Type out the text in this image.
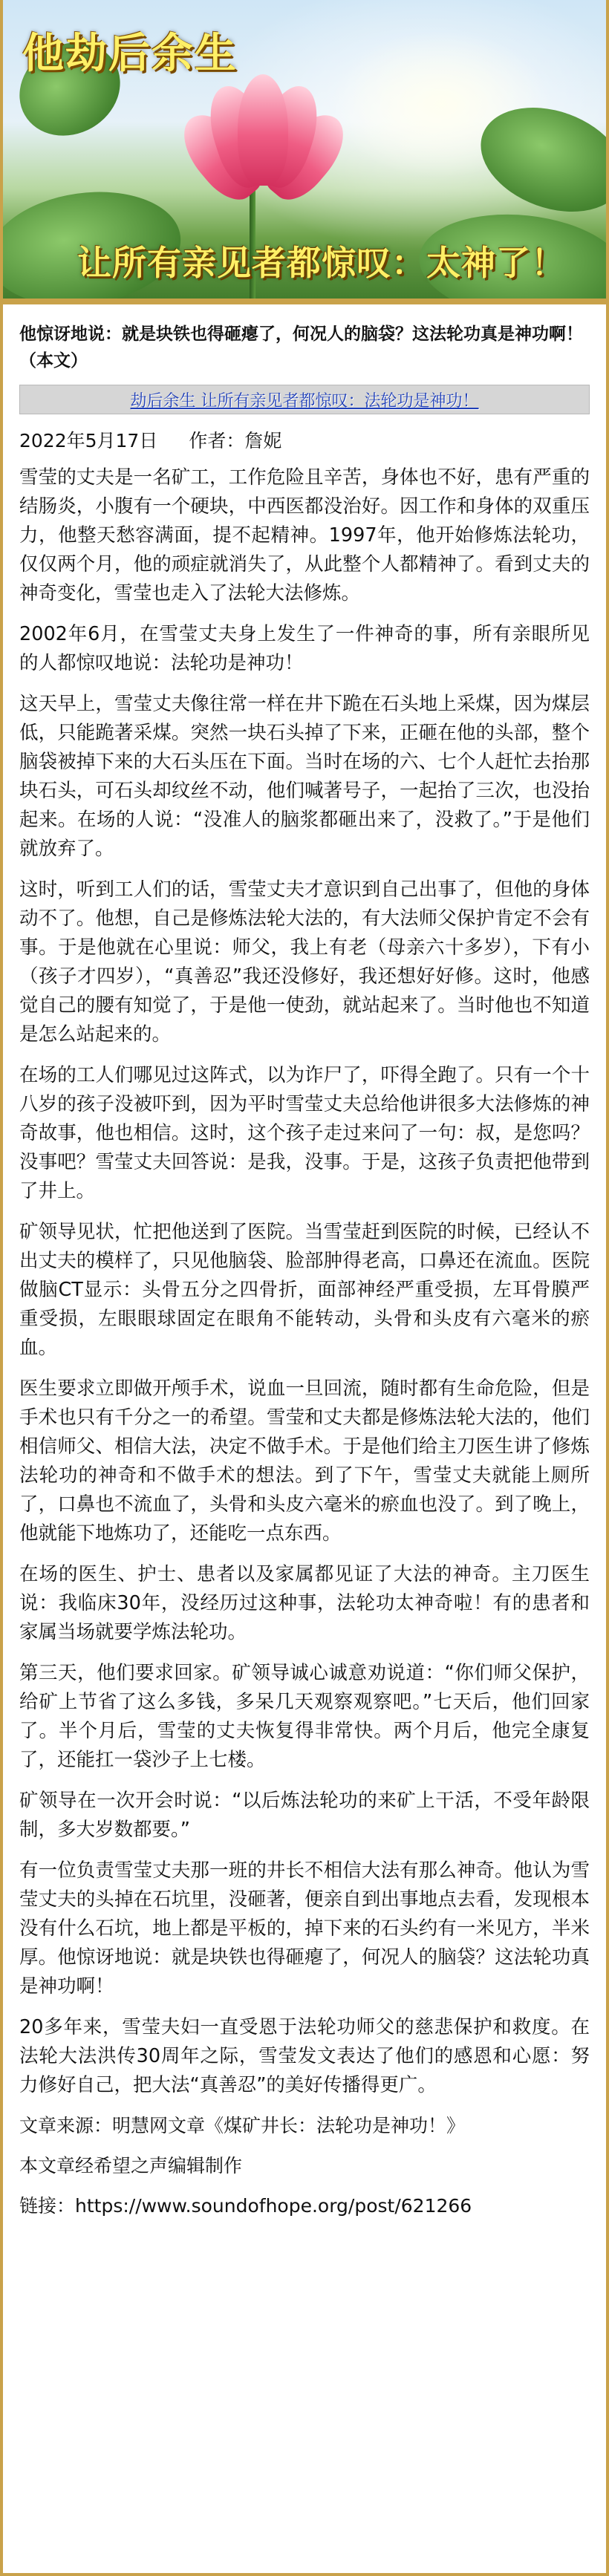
他劫后余生
让所有亲见者都惊叹：太神了！

他惊讶地说：就是块铁也得砸瘪了，何况人的脑袋？这法轮功真是神功啊！（本文）

劫后余生 让所有亲见者都惊叹：法轮功是神功！

2022年5月17日 作者：詹妮

雪莹的丈夫是一名矿工，工作危险且辛苦，身体也不好，患有严重的结肠炎，小腹有一个硬块，中西医都没治好。因工作和身体的双重压力，他整天愁容满面，提不起精神。1997年，他开始修炼法轮功，仅仅两个月，他的顽症就消失了，从此整个人都精神了。看到丈夫的神奇变化，雪莹也走入了法轮大法修炼。

2002年6月，在雪莹丈夫身上发生了一件神奇的事，所有亲眼所见的人都惊叹地说：法轮功是神功！

这天早上，雪莹丈夫像往常一样在井下跪在石头地上采煤，因为煤层低，只能跪著采煤。突然一块石头掉了下来，正砸在他的头部，整个脑袋被掉下来的大石头压在下面。当时在场的六、七个人赶忙去抬那块石头，可石头却纹丝不动，他们喊著号子，一起抬了三次，也没抬起来。在场的人说：“没准人的脑浆都砸出来了，没救了。”于是他们就放弃了。

这时，听到工人们的话，雪莹丈夫才意识到自己出事了，但他的身体动不了。他想，自己是修炼法轮大法的，有大法师父保护肯定不会有事。于是他就在心里说：师父，我上有老（母亲六十多岁），下有小（孩子才四岁），“真善忍”我还没修好，我还想好好修。这时，他感觉自己的腰有知觉了，于是他一使劲，就站起来了。当时他也不知道是怎么站起来的。

在场的工人们哪见过这阵式，以为诈尸了，吓得全跑了。只有一个十八岁的孩子没被吓到，因为平时雪莹丈夫总给他讲很多大法修炼的神奇故事，他也相信。这时，这个孩子走过来问了一句：叔，是您吗？没事吧？雪莹丈夫回答说：是我，没事。于是，这孩子负责把他带到了井上。

矿领导见状，忙把他送到了医院。当雪莹赶到医院的时候，已经认不出丈夫的模样了，只见他脑袋、脸部肿得老高，口鼻还在流血。医院做脑CT显示：头骨五分之四骨折，面部神经严重受损，左耳骨膜严重受损，左眼眼球固定在眼角不能转动，头骨和头皮有六毫米的瘀血。

医生要求立即做开颅手术，说血一旦回流，随时都有生命危险，但是手术也只有千分之一的希望。雪莹和丈夫都是修炼法轮大法的，他们相信师父、相信大法，决定不做手术。于是他们给主刀医生讲了修炼法轮功的神奇和不做手术的想法。到了下午，雪莹丈夫就能上厕所了，口鼻也不流血了，头骨和头皮六毫米的瘀血也没了。到了晚上，他就能下地炼功了，还能吃一点东西。

在场的医生、护士、患者以及家属都见证了大法的神奇。主刀医生说：我临床30年，没经历过这种事，法轮功太神奇啦！有的患者和家属当场就要学炼法轮功。

第三天，他们要求回家。矿领导诚心诚意劝说道：“你们师父保护，给矿上节省了这么多钱，多呆几天观察观察吧。”七天后，他们回家了。半个月后，雪莹的丈夫恢复得非常快。两个月后，他完全康复了，还能扛一袋沙子上七楼。

矿领导在一次开会时说：“以后炼法轮功的来矿上干活，不受年龄限制，多大岁数都要。”

有一位负责雪莹丈夫那一班的井长不相信大法有那么神奇。他认为雪莹丈夫的头掉在石坑里，没砸著，便亲自到出事地点去看，发现根本没有什么石坑，地上都是平板的，掉下来的石头约有一米见方，半米厚。他惊讶地说：就是块铁也得砸瘪了，何况人的脑袋？这法轮功真是神功啊！

20多年来，雪莹夫妇一直受恩于法轮功师父的慈悲保护和救度。在法轮大法洪传30周年之际，雪莹发文表达了他们的感恩和心愿：努力修好自己，把大法“真善忍”的美好传播得更广。

文章来源：明慧网文章《煤矿井长：法轮功是神功！》

本文章经希望之声编辑制作

链接：https://www.soundofhope.org/post/621266
